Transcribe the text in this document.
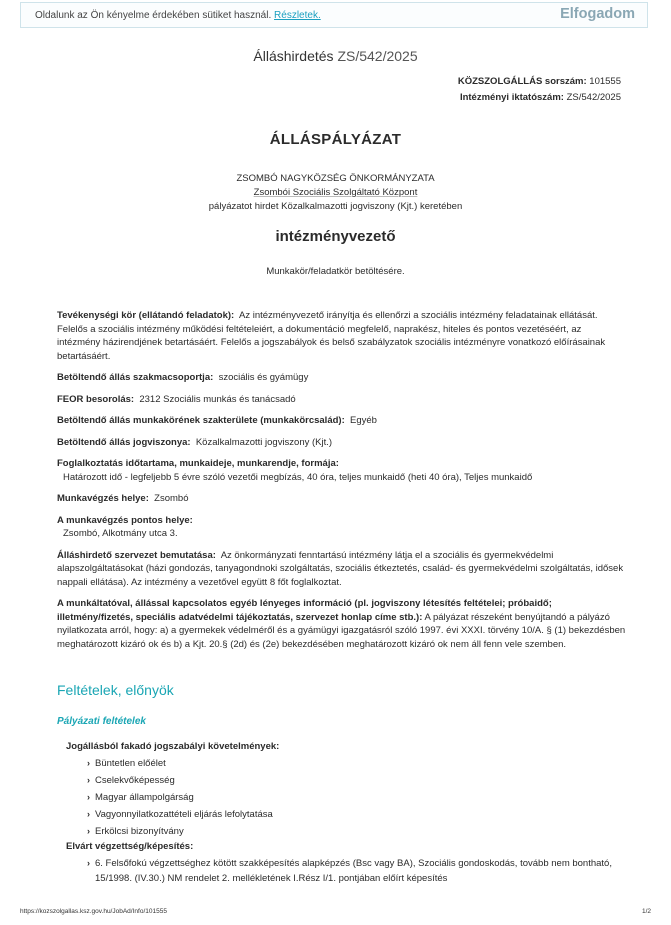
Oldalunk az Ön kényelme érdekében sütiket használ. Részletek.	Elfogadom
Álláshirdetés ZS/542/2025
KÖZSZOLGÁLLÁS sorszám: 101555
Intézményi iktatószám: ZS/542/2025
ÁLLÁSPÁLYÁZAT
ZSOMBÓ NAGYKÖZSÉG ÖNKORMÁNYZATA
Zsombói Szociális Szolgáltató Központ
pályázatot hirdet Közalkalmazotti jogviszony (Kjt.) keretében
intézményvezető
Munkakör/feladatkör betöltésére.

Tevékenységi kör (ellátandó feladatok): Az intézményvezető irányítja és ellenőrzi a szociális intézmény feladatainak ellátását. Felelős a szociális intézmény működési feltételeiért, a dokumentáció megfelelő, naprakész, hiteles és pontos vezetéséért, az intézmény házirendjének betartásáért. Felelős a jogszabályok és belső szabályzatok szociális intézményre vonatkozó előírásainak betartásáért.

Betöltendő állás szakmacsoportja: szociális és gyámügy

FEOR besorolás: 2312 Szociális munkás és tanácsadó

Betöltendő állás munkakörének szakterülete (munkakörcsalád): Egyéb

Betöltendő állás jogviszonya: Közalkalmazotti jogviszony (Kjt.)

Foglalkoztatás időtartama, munkaideje, munkarendje, formája:
Határozott idő - legfeljebb 5 évre szóló vezetői megbízás, 40 óra, teljes munkaidő (heti 40 óra), Teljes munkaidő

Munkavégzés helye: Zsombó

A munkavégzés pontos helye:
Zsombó, Alkotmány utca 3.

Álláshirdető szervezet bemutatása: Az önkormányzati fenntartású intézmény látja el a szociális és gyermekvédelmi alapszolgáltatásokat (házi gondozás, tanyagondnoki szolgáltatás, szociális étkeztetés, család- és gyermekvédelmi szolgáltatás, idősek nappali ellátása). Az intézmény a vezetővel együtt 8 főt foglalkoztat.

A munkáltatóval, állással kapcsolatos egyéb lényeges információ (pl. jogviszony létesítés feltételei; próbaidő; illetmény/fizetés, speciális adatvédelmi tájékoztatás, szervezet honlap címe stb.): A pályázat részeként benyújtandó a pályázó nyilatkozata arról, hogy: a) a gyermekek védelméről és a gyámügyi igazgatásról szóló 1997. évi XXXI. törvény 10/A. § (1) bekezdésben meghatározott kizáró ok és b) a Kjt. 20.§ (2d) és (2e) bekezdésében meghatározott kizáró ok nem áll fenn vele szemben.

Feltételek, előnyök
Pályázati feltételek
Jogállásból fakadó jogszabályi követelmények:
› Büntetlen előélet
› Cselekvőképesség
› Magyar állampolgárság
› Vagyonnyilatkozattételi eljárás lefolytatása
› Erkölcsi bizonyítvány
Elvárt végzettség/képesítés:
› 6. Felsőfokú végzettséghez kötött szakképesítés alapképzés (Bsc vagy BA), Szociális gondoskodás, tovább nem bontható, 15/1998. (IV.30.) NM rendelet 2. mellékletének I.Rész I/1. pontjában előírt képesítés
https://kozszolgallas.ksz.gov.hu/JobAd/Info/101555	1/2
